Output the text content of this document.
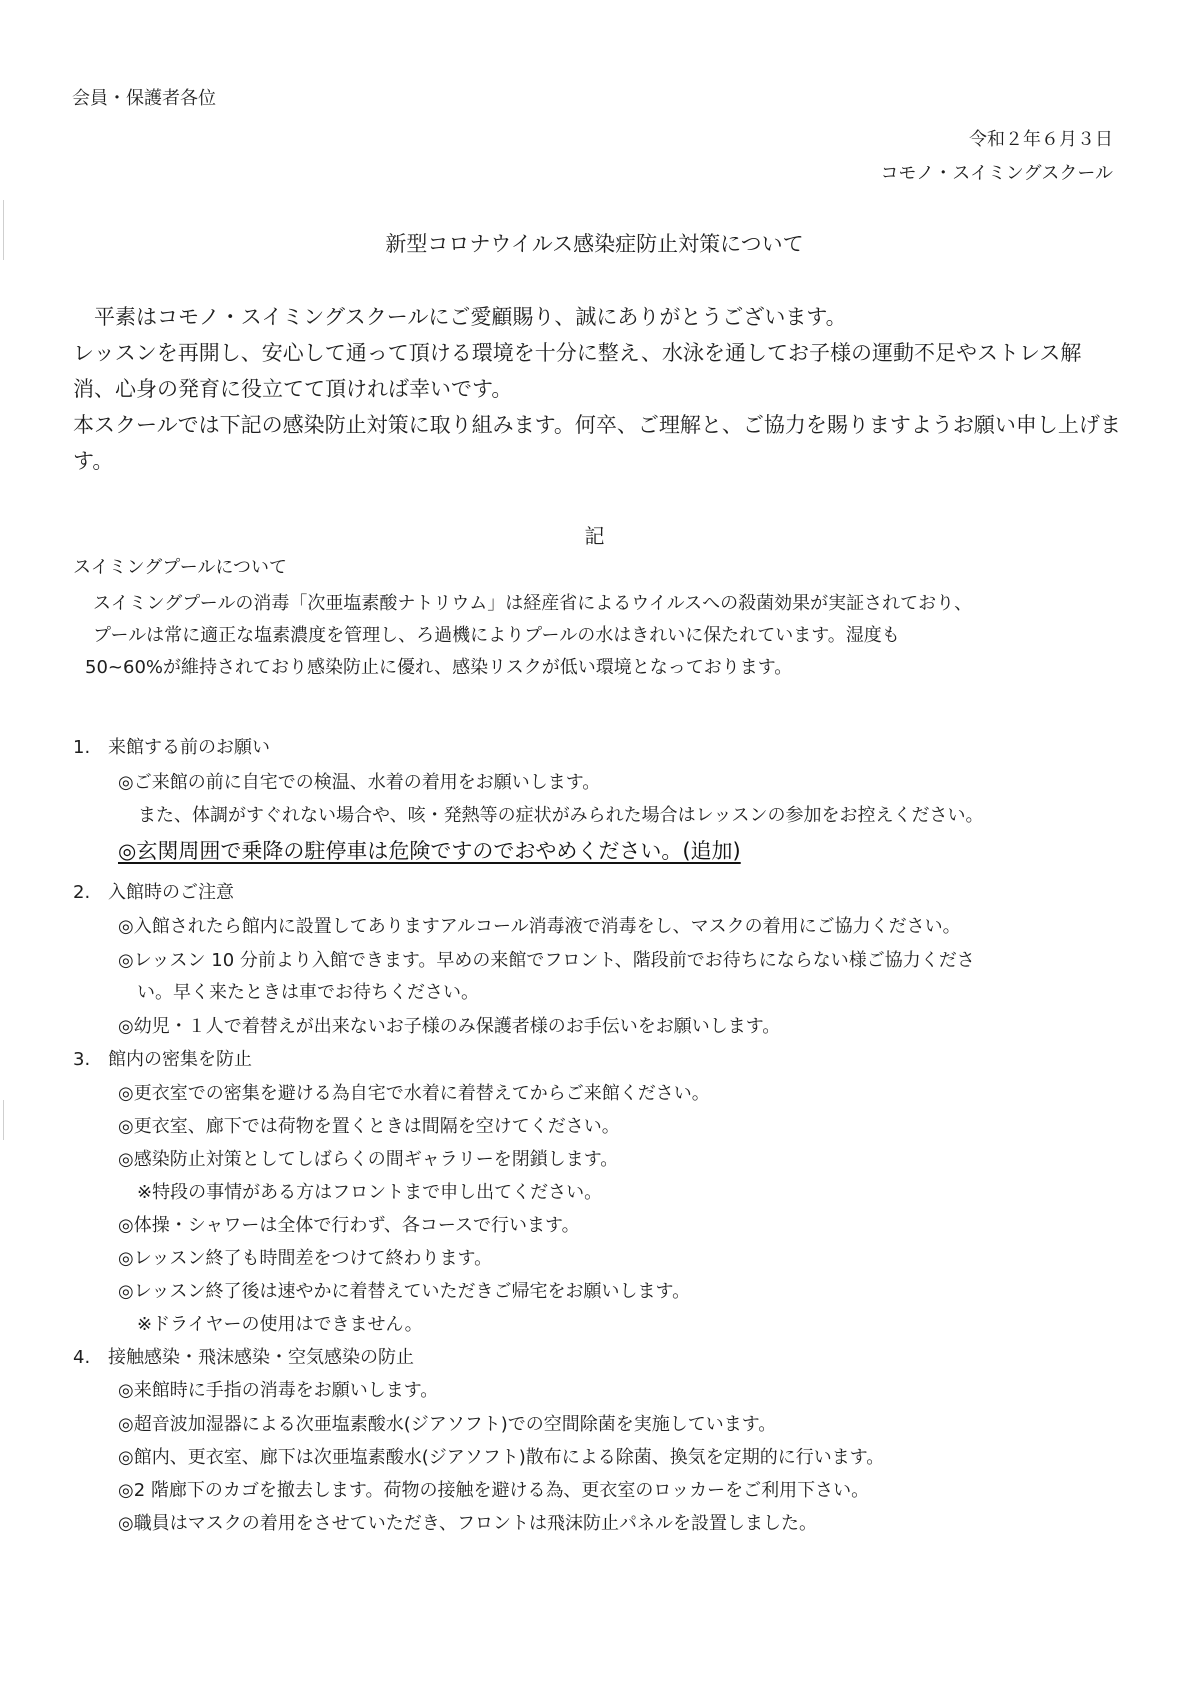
会員・保護者各位
令和２年６月３日
コモノ・スイミングスクール
新型コロナウイルス感染症防止対策について

平素はコモノ・スイミングスクールにご愛顧賜り、誠にありがとうございます。

レッスンを再開し、安心して通って頂ける環境を十分に整え、水泳を通してお子様の運動不足やストレス解消、心身の発育に役立てて頂ければ幸いです。

本スクールでは下記の感染防止対策に取り組みます。何卒、ご理解と、ご協力を賜りますようお願い申し上げます。

記
スイミングプールについて

スイミングプールの消毒「次亜塩素酸ナトリウム」は経産省によるウイルスへの殺菌効果が実証されており、

プールは常に適正な塩素濃度を管理し、ろ過機によりプールの水はきれいに保たれています。湿度も

50~60%が維持されており感染防止に優れ、感染リスクが低い環境となっております。

1. 来館する前のお願い
◎ご来館の前に自宅での検温、水着の着用をお願いします。
また、体調がすぐれない場合や、咳・発熱等の症状がみられた場合はレッスンの参加をお控えください。
◎玄関周囲で乗降の駐停車は危険ですのでおやめください。(追加)
2. 入館時のご注意
◎入館されたら館内に設置してありますアルコール消毒液で消毒をし、マスクの着用にご協力ください。
◎レッスン 10 分前より入館できます。早めの来館でフロント、階段前でお待ちにならない様ご協力くださ
い。早く来たときは車でお待ちください。
◎幼児・１人で着替えが出来ないお子様のみ保護者様のお手伝いをお願いします。
3. 館内の密集を防止
◎更衣室での密集を避ける為自宅で水着に着替えてからご来館ください。
◎更衣室、廊下では荷物を置くときは間隔を空けてください。
◎感染防止対策としてしばらくの間ギャラリーを閉鎖します。
※特段の事情がある方はフロントまで申し出てください。
◎体操・シャワーは全体で行わず、各コースで行います。
◎レッスン終了も時間差をつけて終わります。
◎レッスン終了後は速やかに着替えていただきご帰宅をお願いします。
※ドライヤーの使用はできません。
4. 接触感染・飛沫感染・空気感染の防止
◎来館時に手指の消毒をお願いします。
◎超音波加湿器による次亜塩素酸水(ジアソフト)での空間除菌を実施しています。
◎館内、更衣室、廊下は次亜塩素酸水(ジアソフト)散布による除菌、換気を定期的に行います。
◎2 階廊下のカゴを撤去します。荷物の接触を避ける為、更衣室のロッカーをご利用下さい。
◎職員はマスクの着用をさせていただき、フロントは飛沫防止パネルを設置しました。
